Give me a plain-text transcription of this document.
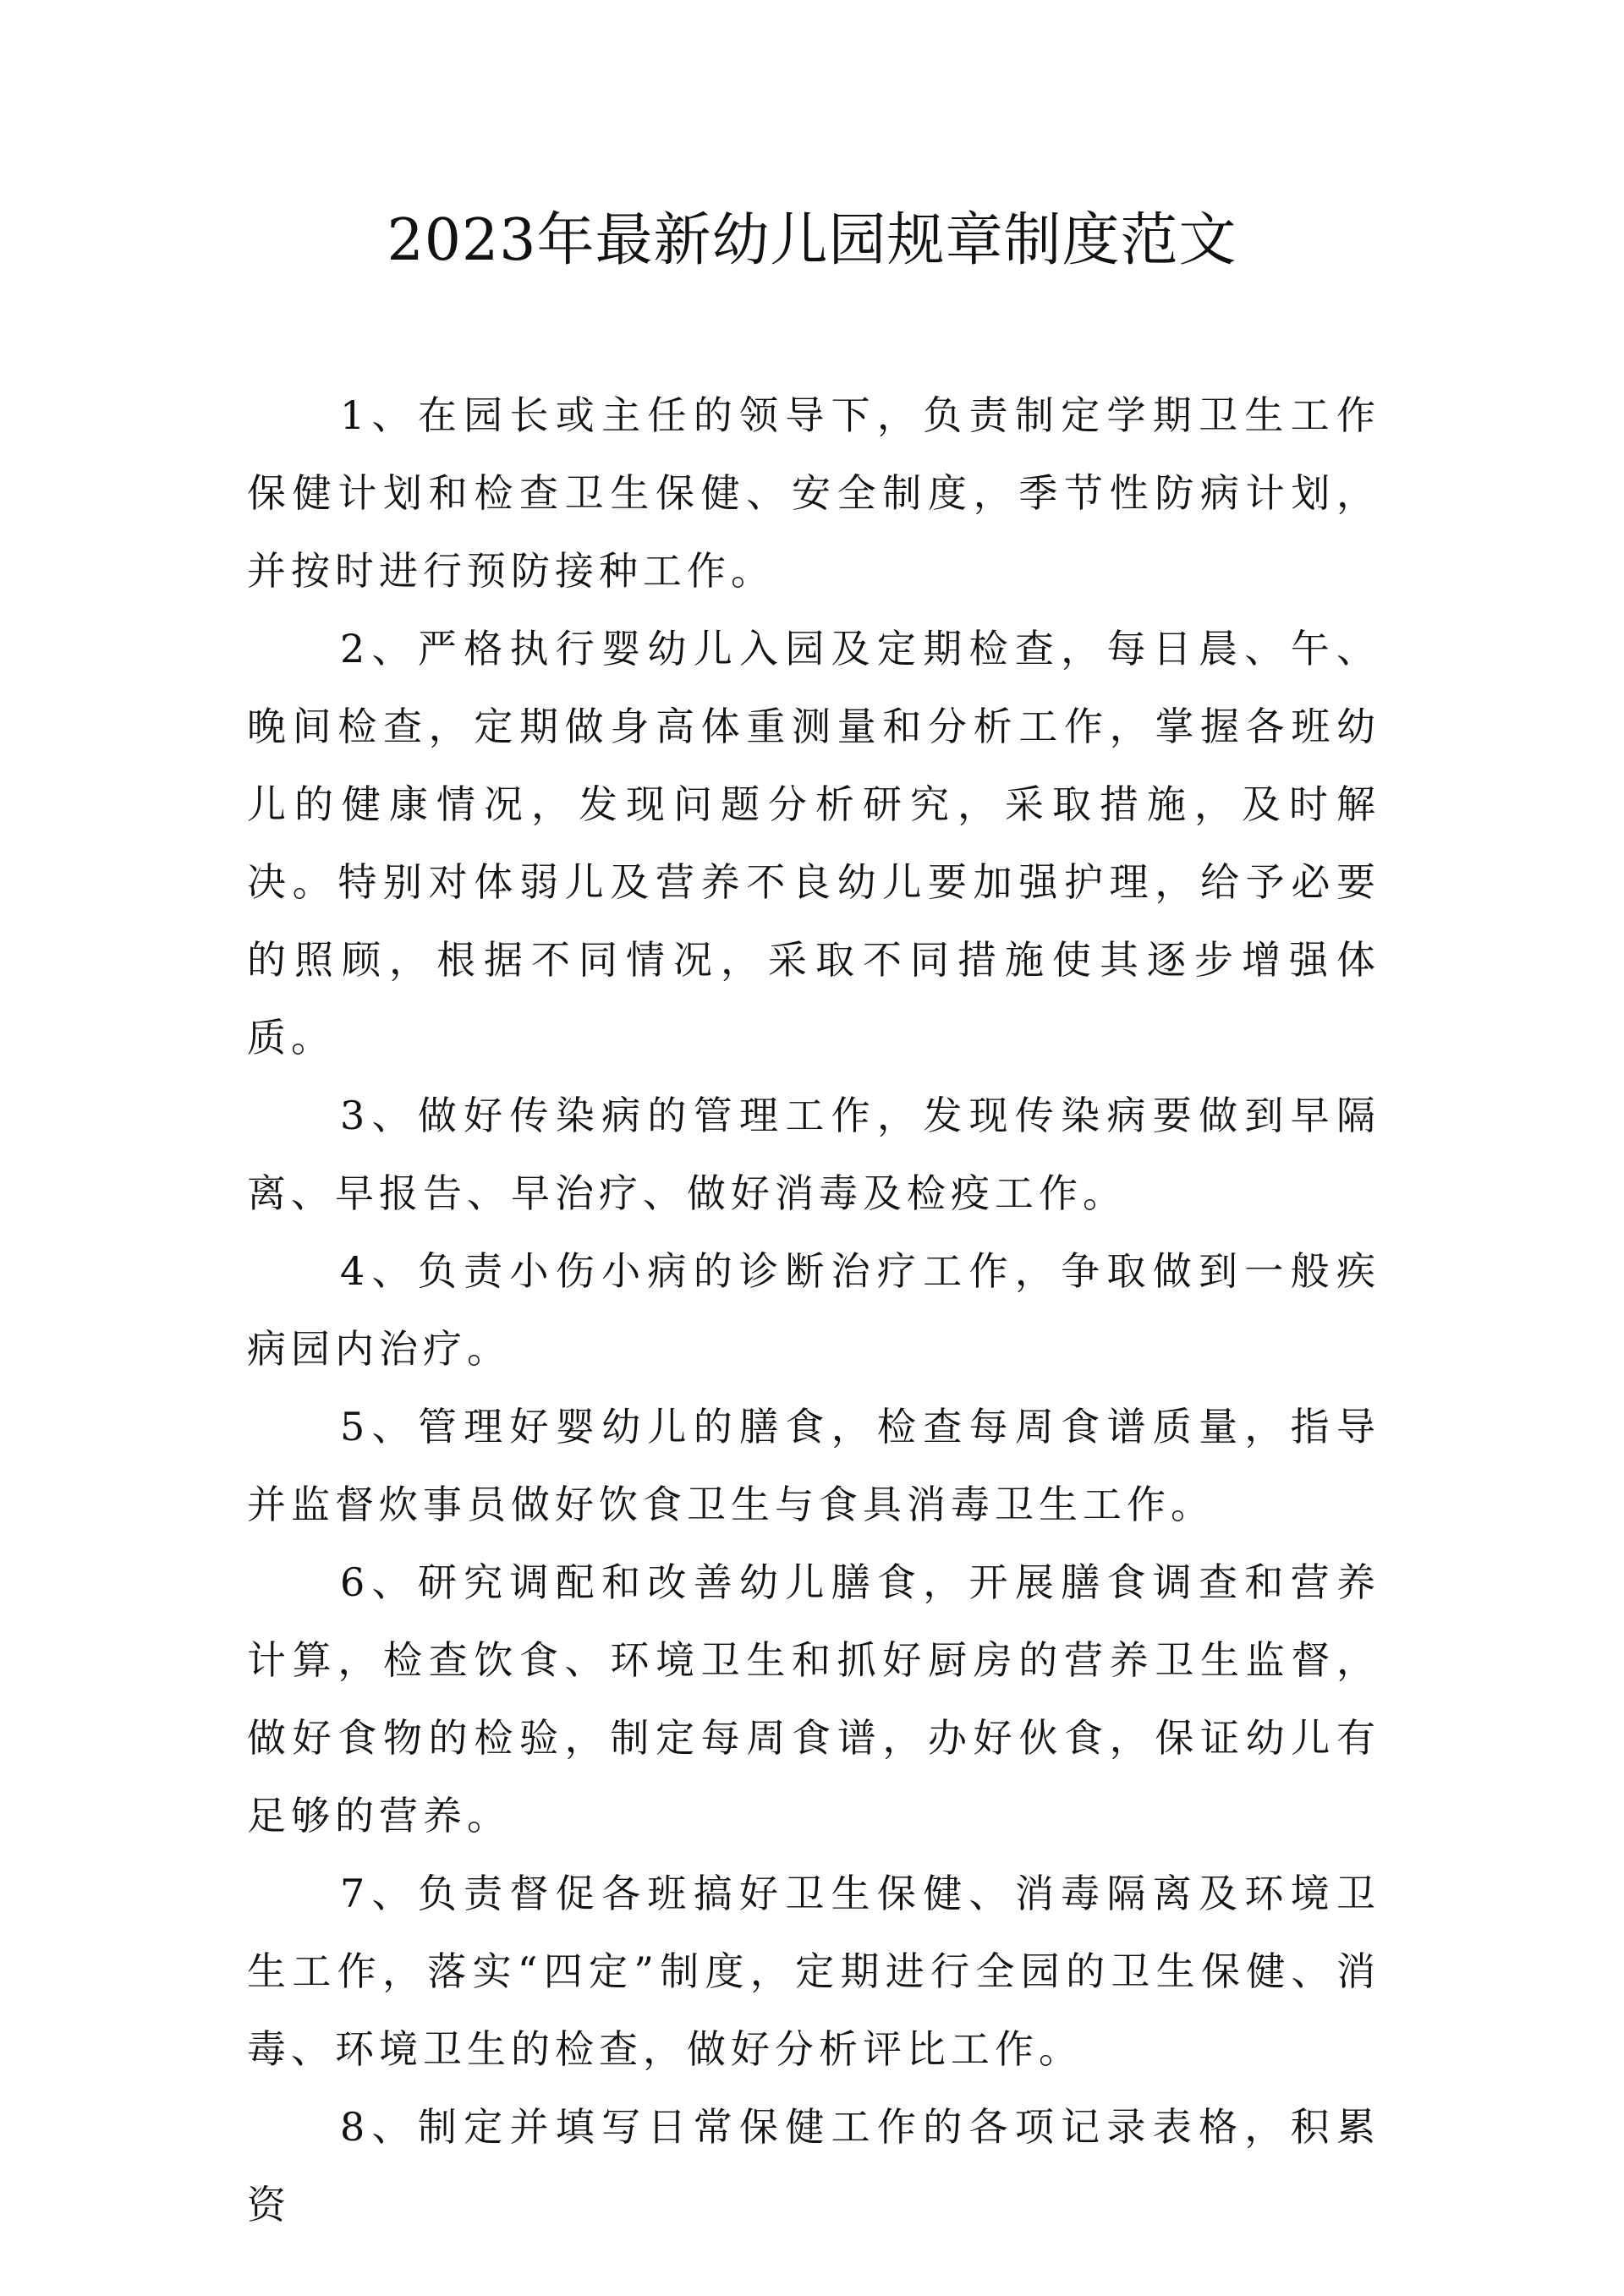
2023年最新幼儿园规章制度范文

1、在园长或主任的领导下，负责制定学期卫生工作保健计划和检查卫生保健、安全制度，季节性防病计划，并按时进行预防接种工作。

2、严格执行婴幼儿入园及定期检查，每日晨、午、晚间检查，定期做身高体重测量和分析工作，掌握各班幼儿的健康情况，发现问题分析研究，采取措施，及时解决。特别对体弱儿及营养不良幼儿要加强护理，给予必要的照顾，根据不同情况，采取不同措施使其逐步增强体质。

3、做好传染病的管理工作，发现传染病要做到早隔离、早报告、早治疗、做好消毒及检疫工作。

4、负责小伤小病的诊断治疗工作，争取做到一般疾病园内治疗。

5、管理好婴幼儿的膳食，检查每周食谱质量，指导并监督炊事员做好饮食卫生与食具消毒卫生工作。

6、研究调配和改善幼儿膳食，开展膳食调查和营养计算，检查饮食、环境卫生和抓好厨房的营养卫生监督，做好食物的检验，制定每周食谱，办好伙食，保证幼儿有足够的营养。

7、负责督促各班搞好卫生保健、消毒隔离及环境卫生工作，落实“四定”制度，定期进行全园的卫生保健、消毒、环境卫生的检查，做好分析评比工作。

8、制定并填写日常保健工作的各项记录表格，积累资
